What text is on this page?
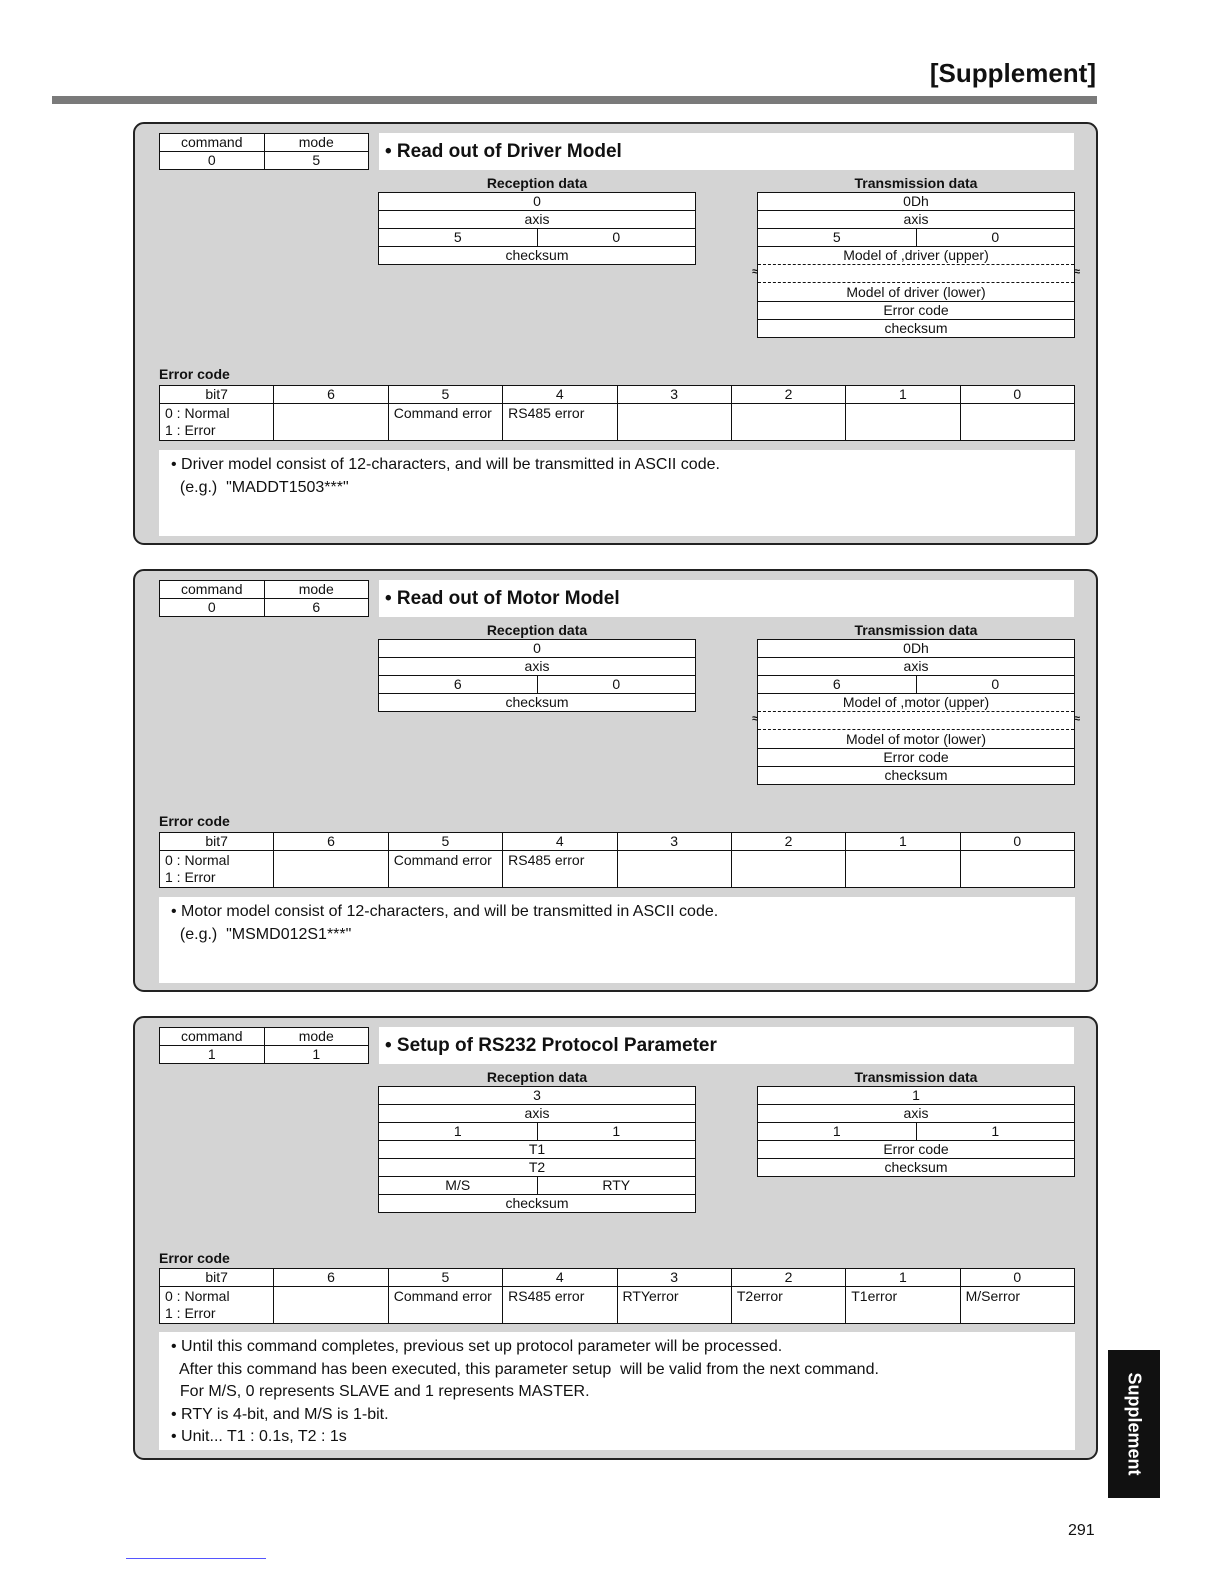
[Supplement]
command	mode
0	5	• Read out of Driver Model
Reception data
0
axis
5	0
checksum
Transmission data
0Dh
axis
5	0
Model of ,driver (upper)
≈	≈
Model of driver (lower)
Error code
checksum
Error code
bit7	6	5	4	3	2	1	0

0 : Normal
1 : Error		Command error	RS485 error				
• Driver model consist of 12-characters, and will be transmitted in ASCII code.
(e.g.)  "MADDT1503***"
command	mode
0	6	• Read out of Motor Model
Reception data
0
axis
6	0
checksum
Transmission data
0Dh
axis
6	0
Model of ,motor (upper)
≈	≈
Model of motor (lower)
Error code
checksum
Error code
bit7	6	5	4	3	2	1	0

0 : Normal
1 : Error		Command error	RS485 error				
• Motor model consist of 12-characters, and will be transmitted in ASCII code.
(e.g.)  "MSMD012S1***"
command	mode
1	1	• Setup of RS232 Protocol Parameter
Reception data
3	
axis	
1	1
T1	
T2	
M/S	RTY
checksum	
Transmission data
1
axis
1	1
Error code
checksum
Error code
bit7	6	5	4	3	2	1	0

0 : Normal
1 : Error		Command error	RS485 error	RTYerror	T2error	T1error	M/Serror
• Until this command completes, previous set up protocol parameter will be processed.
After this command has been executed, this parameter setup  will be valid from the next command.
For M/S, 0 represents SLAVE and 1 represents MASTER.
• RTY is 4-bit, and M/S is 1-bit.
• Unit... T1 : 0.1s, T2 : 1s	Supplement
291
